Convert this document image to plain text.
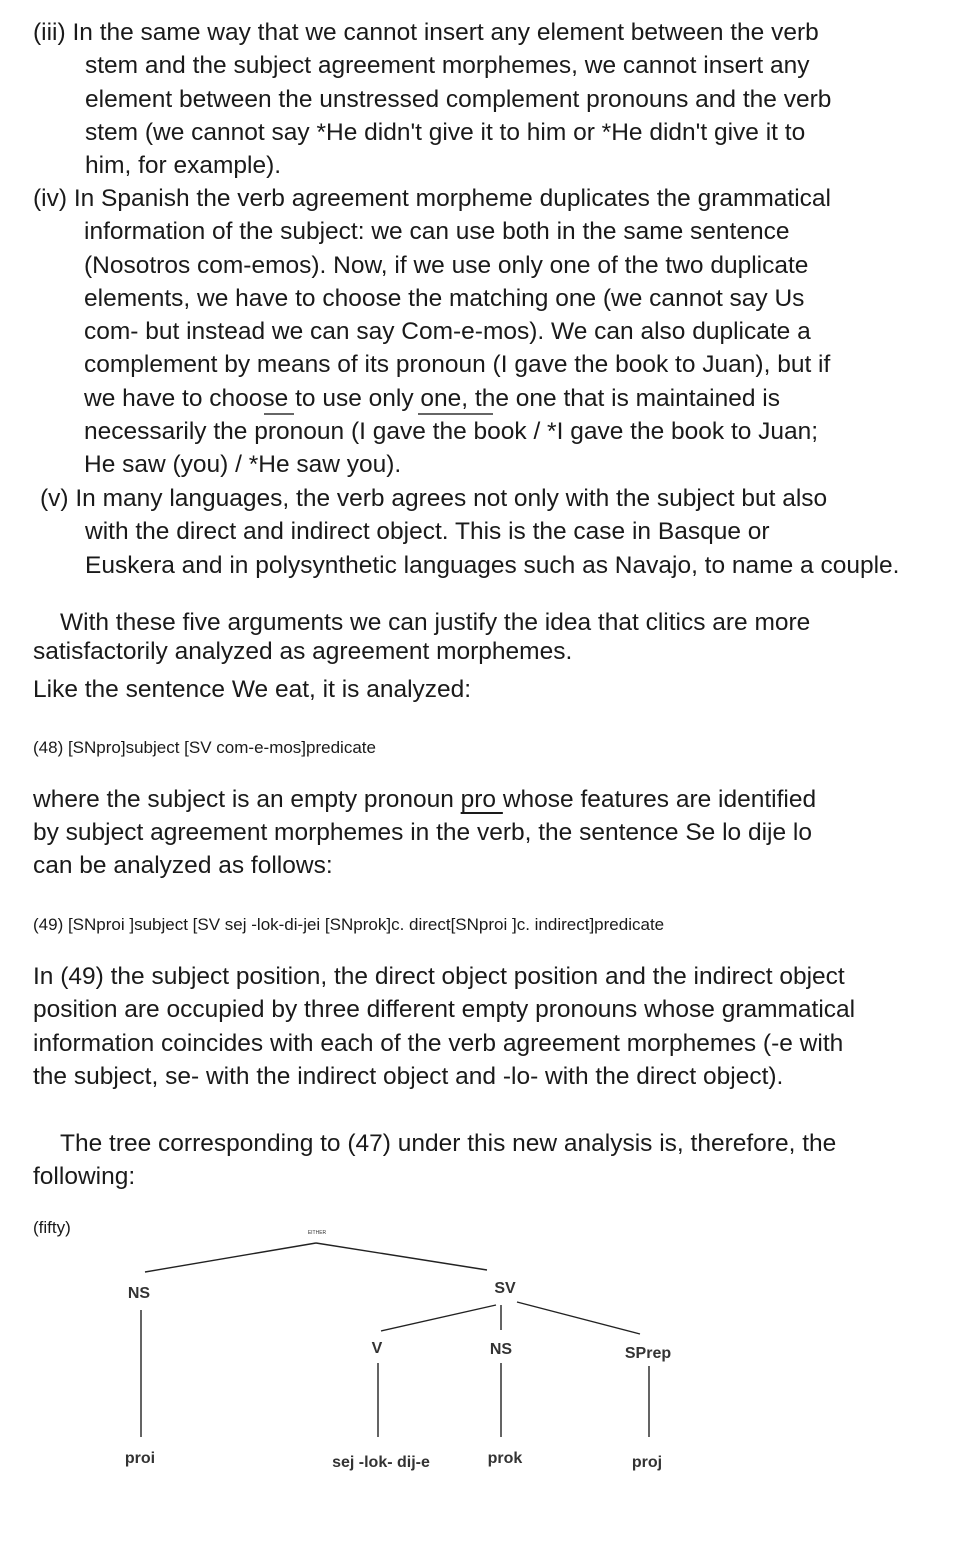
(iii) In the same way that we cannot insert any element between the verb
stem and the subject agreement morphemes, we cannot insert any
element between the unstressed complement pronouns and the verb
stem (we cannot say *He didn't give it to him or *He didn't give it to
him, for example).
(iv) In Spanish the verb agreement morpheme duplicates the grammatical
information of the subject: we can use both in the same sentence
(Nosotros com-emos). Now, if we use only one of the two duplicate
elements, we have to choose the matching one (we cannot say Us
com- but instead we can say Com-e-mos). We can also duplicate a
complement by means of its pronoun (I gave the book to Juan), but if
we have to choose to use only one, the one that is maintained is
necessarily the pronoun (I gave the book / *I gave the book to Juan;
He saw (you) / *He saw you).
(v) In many languages, the verb agrees not only with the subject but also
with the direct and indirect object. This is the case in Basque or
Euskera and in polysynthetic languages such as Navajo, to name a couple.

With these five arguments we can justify the idea that clitics are more

satisfactorily analyzed as agreement morphemes.

Like the sentence We eat, it is analyzed:

(48) [SNpro]subject [SV com-e-mos]predicate

where the subject is an empty pronoun pro whose features are identified

by subject agreement morphemes in the verb, the sentence Se lo dije lo

can be analyzed as follows:

(49) [SNproi ]subject [SV sej -lok-di-jei [SNprok]c. direct[SNproi ]c. indirect]predicate

In (49) the subject position, the direct object position and the indirect object
position are occupied by three different empty pronouns whose grammatical
information coincides with each of the verb agreement morphemes (-e with
the subject, se- with the indirect object and -lo- with the direct object).

The tree corresponding to (47) under this new analysis is, therefore, the

following:

(fifty)	EITHER
NS	SV
V	NS	SPrep
proi	sej -lok- dij-e	prok	proj
